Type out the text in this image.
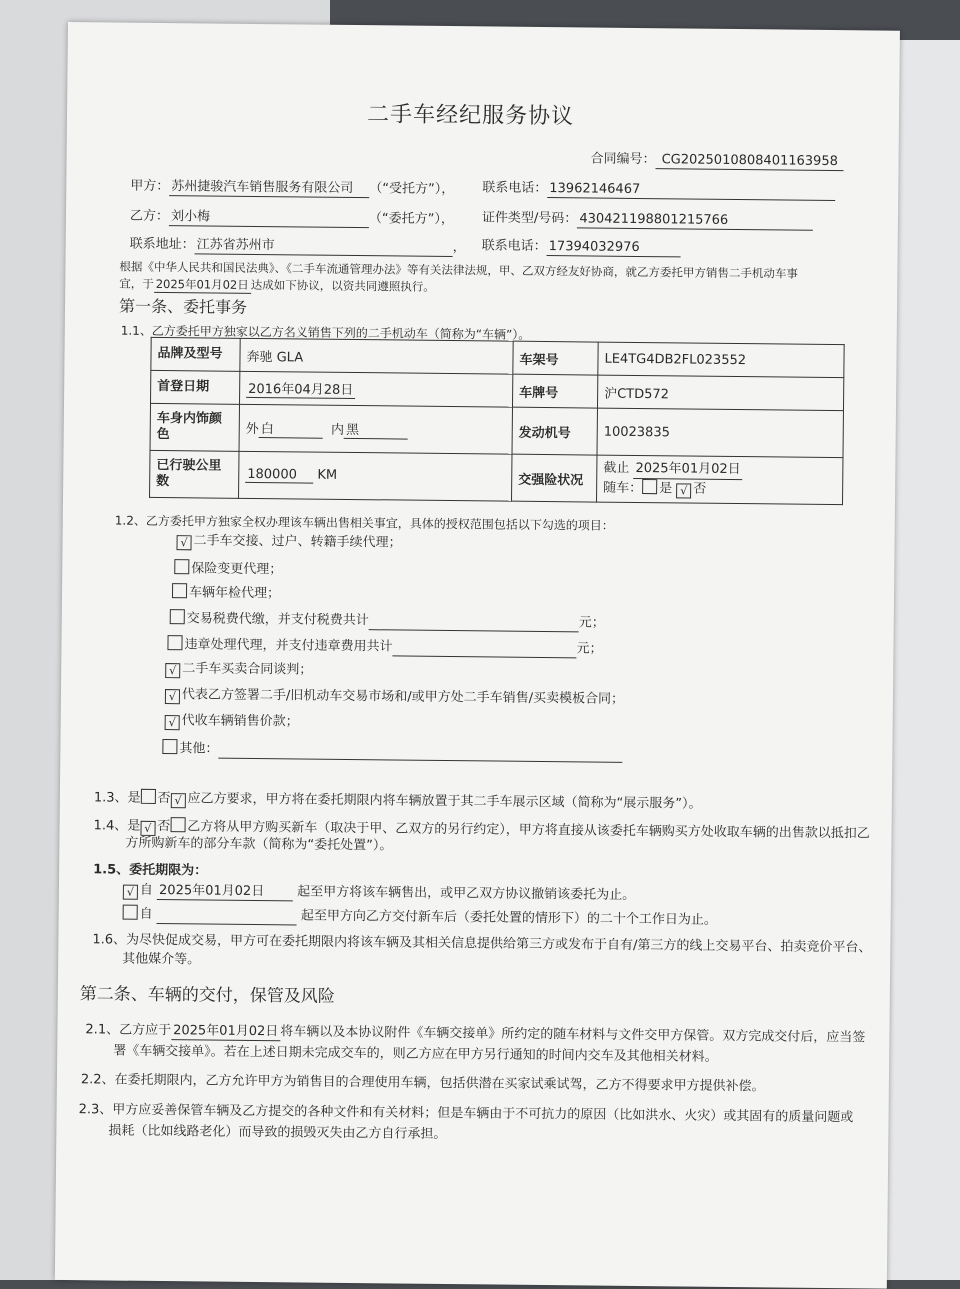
二手车经纪服务协议
合同编号： CG2025010808401163958
甲方： 苏州捷骏汽车销售服务有限公司 （“受托方”）， 联系电话： 13962146467
乙方： 刘小梅	（“委托方”）， 证件类型/号码： 430421198801215766
联系地址： 江苏省苏州市	， 联系电话： 17394032976
根据《中华人民共和国民法典》、《二手车流通管理办法》等有关法律法规，甲、乙双方经友好协商，就乙方委托甲方销售二手机动车事
宜，于 2025年01月02日 达成如下协议，以资共同遵照执行。
第一条、委托事务
1.1、乙方委托甲方独家以乙方名义销售下列的二手机动车（简称为“车辆”）。
品牌及型号	奔驰 GLA	车架号	LE4TG4DB2FL023552
首登日期	2016年04月28日	车牌号	沪CTD572
车身内饰颜色	外 白 内 黑	发动机号	10023835
已行驶公里数	180000 KM	交强险状况	截止 2025年01月02日
随车： 是 √ 否
1.2、乙方委托甲方独家全权办理该车辆出售相关事宜，具体的授权范围包括以下勾选的项目：
√ 二手车交接、过户、转籍手续代理；
保险变更代理；
车辆年检代理；
交易税费代缴，并支付税费共计	元；
违章处理代理，并支付违章费用共计	元；
√ 二手车买卖合同谈判；
√ 代表乙方签署二手/旧机动车交易市场和/或甲方处二手车销售/买卖模板合同；
√ 代收车辆销售价款；
其他：
1.3、是 否 √ 应乙方要求，甲方将在委托期限内将车辆放置于其二手车展示区域（简称为“展示服务”）。
1.4、是 √ 否 乙方将从甲方购买新车（取决于甲、乙双方的另行约定），甲方将直接从该委托车辆购买方处收取车辆的出售款以抵扣乙
方所购新车的部分车款（简称为“委托处置”）。
1.5、委托期限为：
√ 自 2025年01月02日	起至甲方将该车辆售出，或甲乙双方协议撤销该委托为止。
自	起至甲方向乙方交付新车后（委托处置的情形下）的二十个工作日为止。
1.6、为尽快促成交易，甲方可在委托期限内将该车辆及其相关信息提供给第三方或发布于自有/第三方的线上交易平台、拍卖竞价平台、
其他媒介等。
第二条、车辆的交付，保管及风险
2.1、乙方应于 2025年01月02日 将车辆以及本协议附件《车辆交接单》所约定的随车材料与文件交甲方保管。双方完成交付后，应当签
署《车辆交接单》。若在上述日期未完成交车的，则乙方应在甲方另行通知的时间内交车及其他相关材料。
2.2、在委托期限内，乙方允许甲方为销售目的合理使用车辆，包括供潜在买家试乘试驾，乙方不得要求甲方提供补偿。
2.3、甲方应妥善保管车辆及乙方提交的各种文件和有关材料；但是车辆由于不可抗力的原因（比如洪水、火灾）或其固有的质量问题或
损耗（比如线路老化）而导致的损毁灭失由乙方自行承担。
